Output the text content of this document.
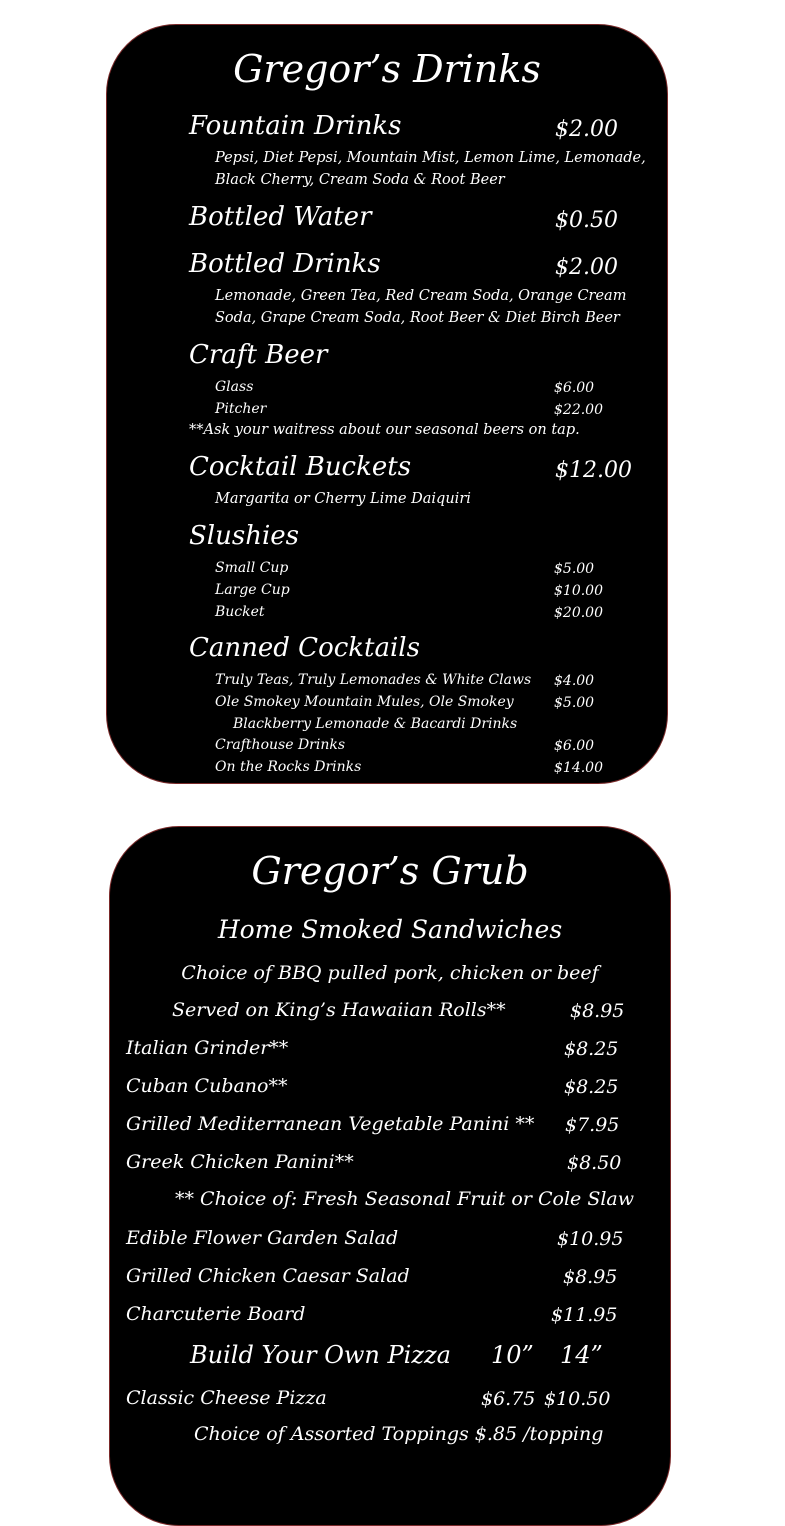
Gregor’s Drinks
Fountain Drinks	$2.00
Pepsi, Diet Pepsi, Mountain Mist, Lemon Lime, Lemonade,
Black Cherry, Cream Soda & Root Beer
Bottled Water	$0.50
Bottled Drinks	$2.00
Lemonade, Green Tea, Red Cream Soda, Orange Cream
Soda, Grape Cream Soda, Root Beer & Diet Birch Beer
Craft Beer
Glass	$6.00
Pitcher	$22.00
**Ask your waitress about our seasonal beers on tap.
Cocktail Buckets	$12.00
Margarita or Cherry Lime Daiquiri
Slushies
Small Cup	$5.00
Large Cup	$10.00
Bucket	$20.00
Canned Cocktails
Truly Teas, Truly Lemonades & White Claws $4.00
Ole Smokey Mountain Mules, Ole Smokey	$5.00
Blackberry Lemonade & Bacardi Drinks
Crafthouse Drinks	$6.00
On the Rocks Drinks	$14.00
Gregor’s Grub
Home Smoked Sandwiches
Choice of BBQ pulled pork, chicken or beef
Served on King’s Hawaiian Rolls**	$8.95
Italian Grinder**	$8.25
Cuban Cubano**	$8.25
Grilled Mediterranean Vegetable Panini ** $7.95
Greek Chicken Panini**	$8.50
** Choice of: Fresh Seasonal Fruit or Cole Slaw
Edible Flower Garden Salad	$10.95
Grilled Chicken Caesar Salad	$8.95
Charcuterie Board	$11.95
Build Your Own Pizza 10” 14”
Classic Cheese Pizza	$6.75 $10.50
Choice of Assorted Toppings $.85 /topping
